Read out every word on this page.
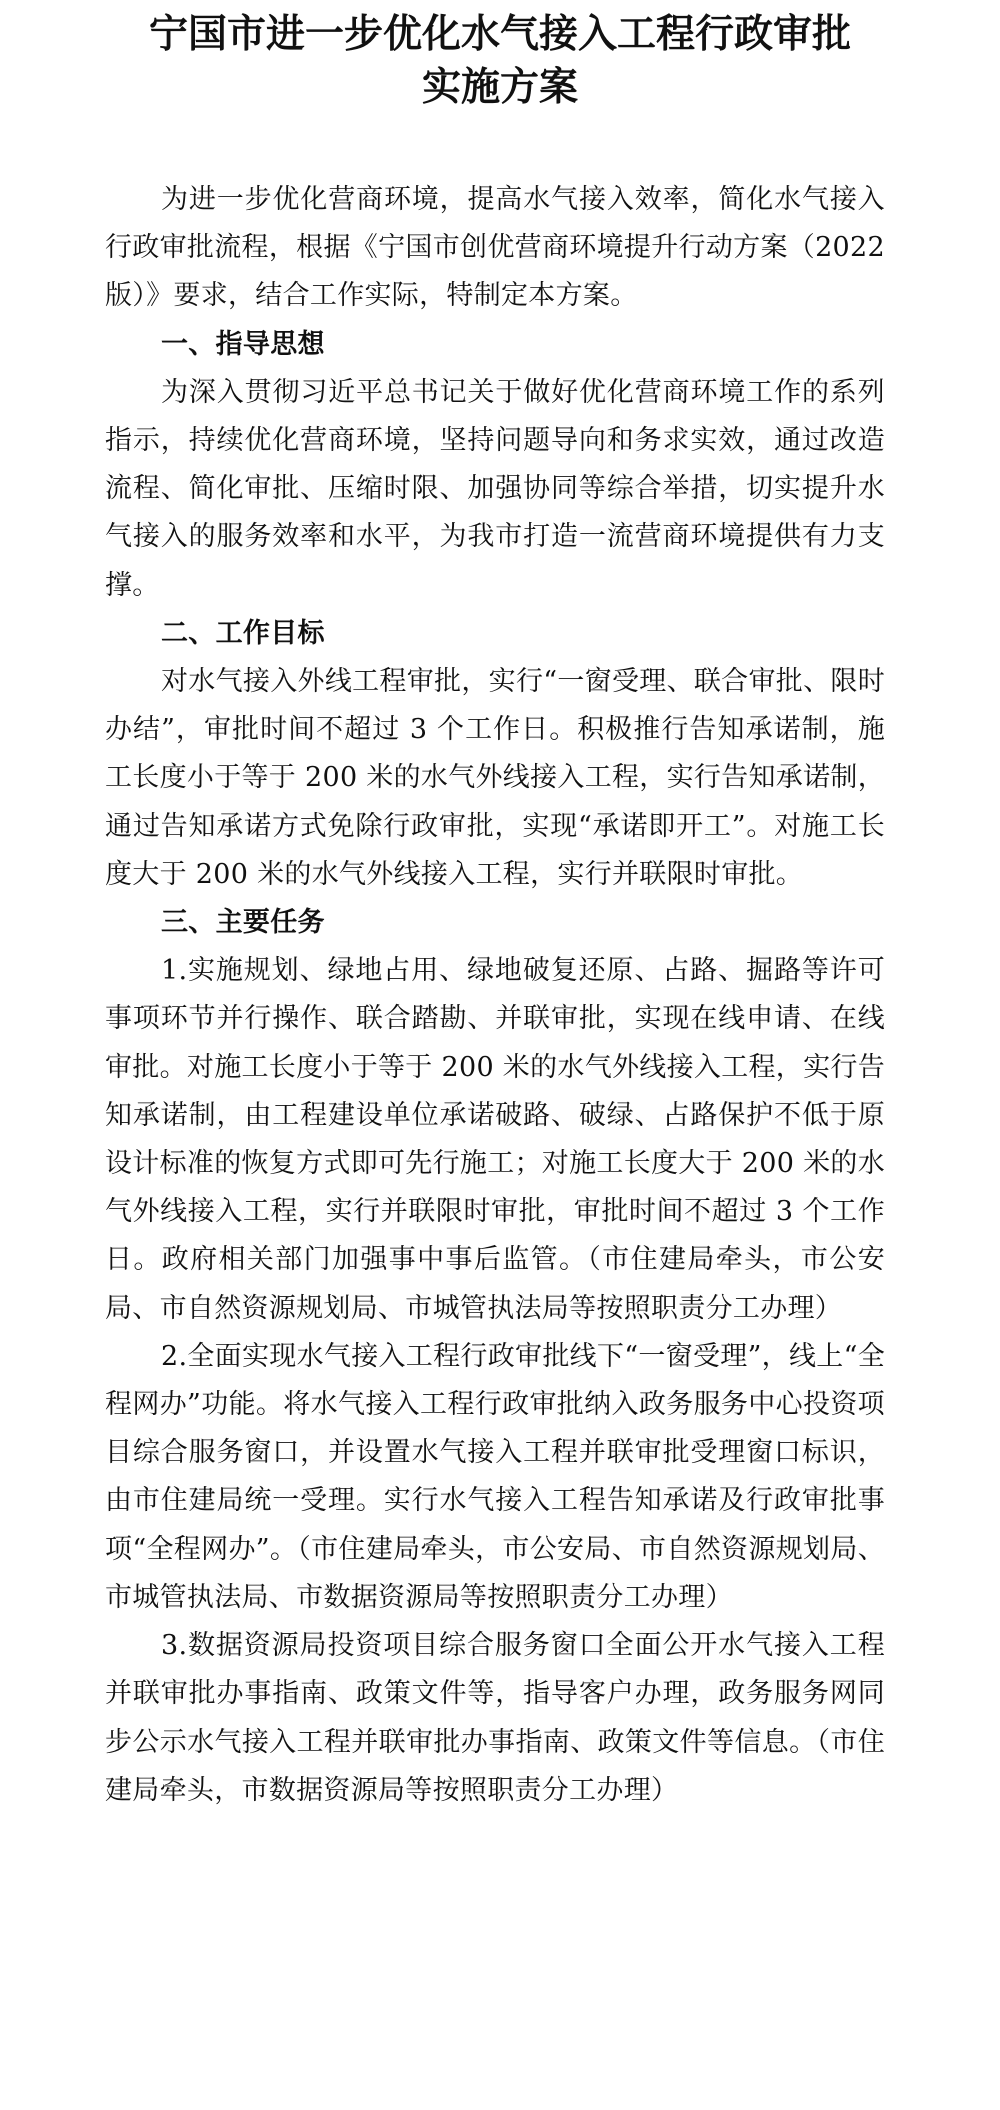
宁国市进一步优化水气接入工程行政审批
实施方案

为进一步优化营商环境，提高水气接入效率，简化水气接入行政审批流程，根据《宁国市创优营商环境提升行动方案（2022版）》要求，结合工作实际，特制定本方案。

一、指导思想

为深入贯彻习近平总书记关于做好优化营商环境工作的系列指示，持续优化营商环境，坚持问题导向和务求实效，通过改造流程、简化审批、压缩时限、加强协同等综合举措，切实提升水气接入的服务效率和水平，为我市打造一流营商环境提供有力支撑。

二、工作目标

对水气接入外线工程审批，实行“一窗受理、联合审批、限时办结”，审批时间不超过 3 个工作日。积极推行告知承诺制，施工长度小于等于 200 米的水气外线接入工程，实行告知承诺制，通过告知承诺方式免除行政审批，实现“承诺即开工”。对施工长度大于 200 米的水气外线接入工程，实行并联限时审批。

三、主要任务

1.实施规划、绿地占用、绿地破复还原、占路、掘路等许可事项环节并行操作、联合踏勘、并联审批，实现在线申请、在线审批。对施工长度小于等于 200 米的水气外线接入工程，实行告知承诺制，由工程建设单位承诺破路、破绿、占路保护不低于原设计标准的恢复方式即可先行施工；对施工长度大于 200 米的水气外线接入工程，实行并联限时审批，审批时间不超过 3 个工作日。政府相关部门加强事中事后监管。（市住建局牵头，市公安局、市自然资源规划局、市城管执法局等按照职责分工办理）

2.全面实现水气接入工程行政审批线下“一窗受理”，线上“全程网办”功能。将水气接入工程行政审批纳入政务服务中心投资项目综合服务窗口，并设置水气接入工程并联审批受理窗口标识，由市住建局统一受理。实行水气接入工程告知承诺及行政审批事项“全程网办”。（市住建局牵头，市公安局、市自然资源规划局、市城管执法局、市数据资源局等按照职责分工办理）

3.数据资源局投资项目综合服务窗口全面公开水气接入工程并联审批办事指南、政策文件等，指导客户办理，政务服务网同步公示水气接入工程并联审批办事指南、政策文件等信息。（市住建局牵头，市数据资源局等按照职责分工办理）
